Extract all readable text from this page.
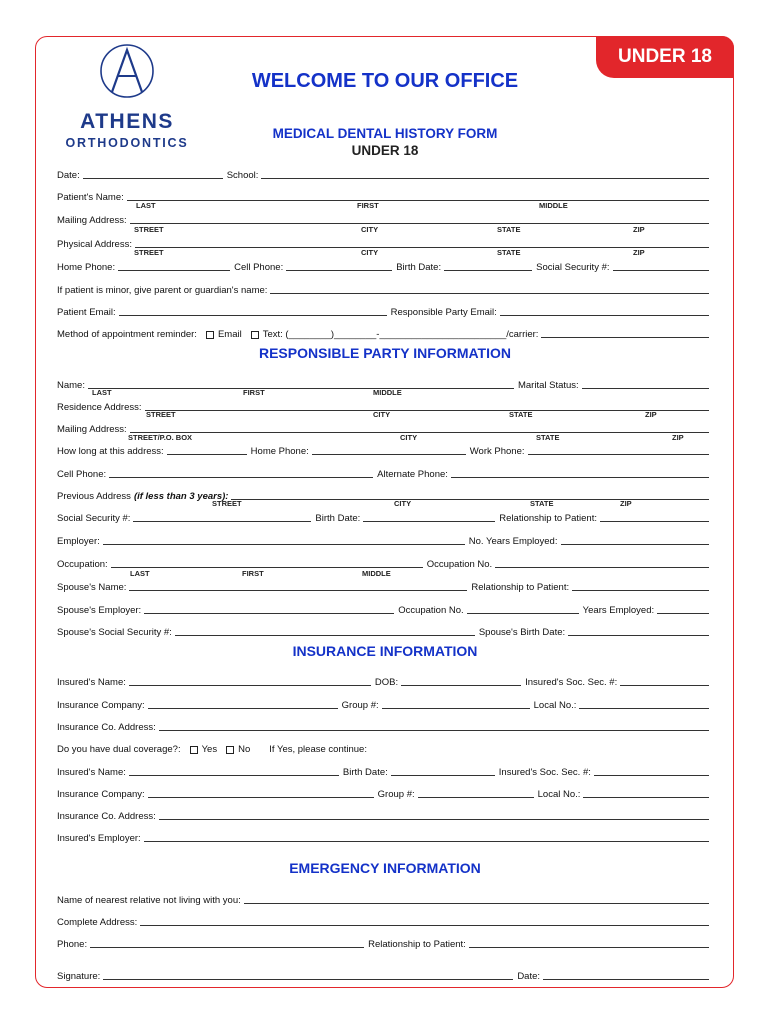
UNDER 18
ATHENS
ORTHODONTICS
WELCOME TO OUR OFFICE
MEDICAL DENTAL HISTORY FORM
UNDER 18
Date:	School:
Patient's Name:
LAST	FIRST	MIDDLE
Mailing Address:
STREET	CITY	STATE	ZIP
Physical Address:
STREET	CITY	STATE	ZIP
Home Phone:	Cell Phone:	Birth Date:	Social Security #:
If patient is minor, give parent or guardian's name:
Patient Email:	Responsible Party Email:
Method of appointment reminder:	Email	Text: (________)________-________________________/carrier:
RESPONSIBLE PARTY INFORMATION
Name:	Marital Status:
LAST	FIRST	MIDDLE
Residence Address:
STREET	CITY	STATE	ZIP
Mailing Address:
STREET/P.O. BOX	CITY	STATE	ZIP
How long at this address:	Home Phone:	Work Phone:
Cell Phone:	Alternate Phone:
Previous Address (if less than 3 years):
STREET	CITY	STATE	ZIP
Social Security #:	Birth Date:	Relationship to Patient:
Employer:	No. Years Employed:
Occupation:	Occupation No.
LAST	FIRST	MIDDLE
Spouse's Name:	Relationship to Patient:
Spouse's Employer:	Occupation No.	Years Employed:
Spouse's Social Security #:	Spouse's Birth Date:
INSURANCE INFORMATION
Insured's Name:	DOB:	Insured's Soc. Sec. #:
Insurance Company:	Group #:	Local No.:
Insurance Co. Address:
Do you have dual coverage?:	Yes	No	If Yes, please continue:
Insured's Name:	Birth Date:	Insured's Soc. Sec. #:
Insurance Company:	Group #:	Local No.:
Insurance Co. Address:
Insured's Employer:
EMERGENCY INFORMATION
Name of nearest relative not living with you:
Complete Address:
Phone:	Relationship to Patient:
Signature:	Date:
